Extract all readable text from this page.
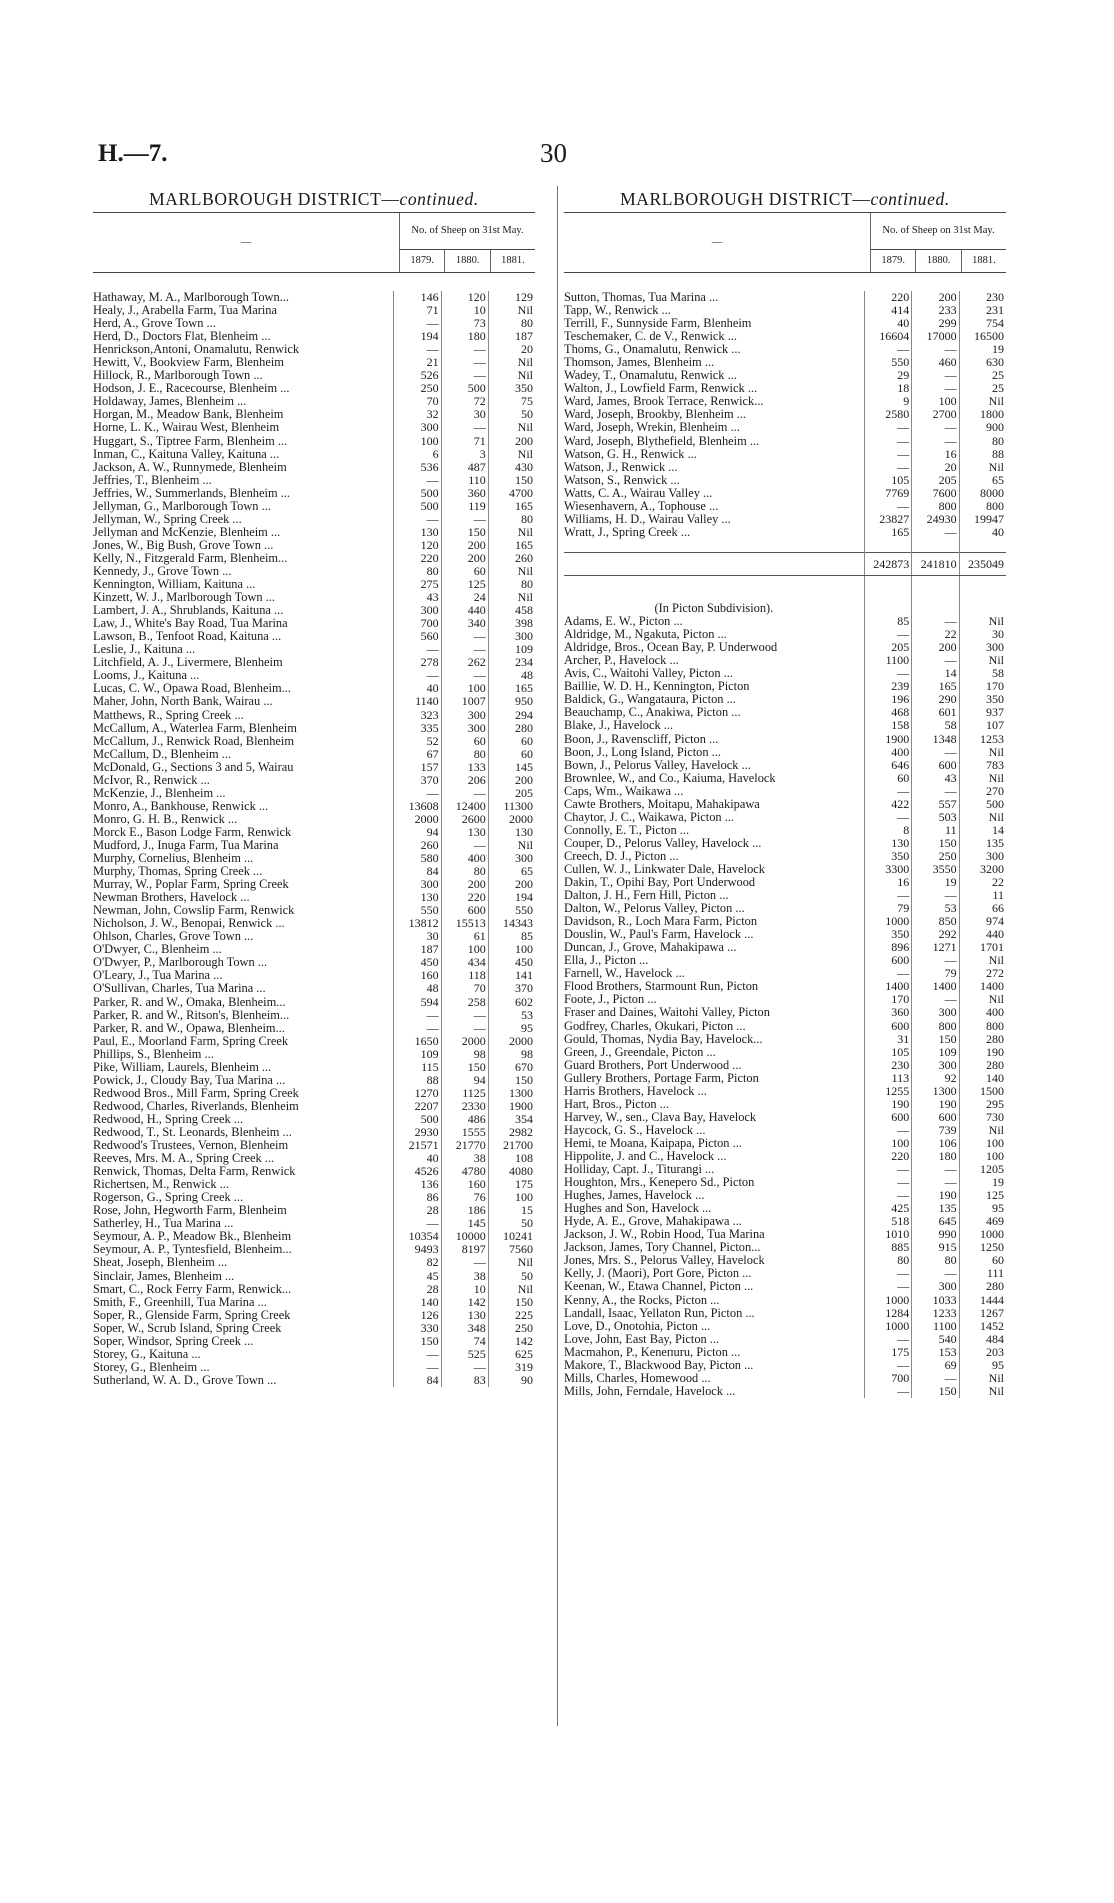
H.—7.	30
MARLBOROUGH DISTRICT—continued.
—	No. of Sheep on 31st May.		
	1879.	1880.	1881.
Hathaway, M. A., Marlborough Town...	146	120	129
Healy, J., Arabella Farm, Tua Marina	71	10	Nil
Herd, A., Grove Town ...	—	73	80
Herd, D., Doctors Flat, Blenheim ...	194	180	187
Henrickson,Antoni, Onamalutu, Renwick	—	—	20
Hewitt, V., Bookview Farm, Blenheim	21	—	Nil
Hillock, R., Marlborough Town ...	526	—	Nil
Hodson, J. E., Racecourse, Blenheim ...	250	500	350
Holdaway, James, Blenheim ...	70	72	75
Horgan, M., Meadow Bank, Blenheim	32	30	50
Horne, L. K., Wairau West, Blenheim	300	—	Nil
Huggart, S., Tiptree Farm, Blenheim ...	100	71	200
Inman, C., Kaituna Valley, Kaituna ...	6	3	Nil
Jackson, A. W., Runnymede, Blenheim	536	487	430
Jeffries, T., Blenheim ...	—	110	150
Jeffries, W., Summerlands, Blenheim ...	500	360	4700
Jellyman, G., Marlborough Town ...	500	119	165
Jellyman, W., Spring Creek ...	—	—	80
Jellyman and McKenzie, Blenheim ...	130	150	Nil
Jones, W., Big Bush, Grove Town ...	120	200	165
Kelly, N., Fitzgerald Farm, Blenheim...	220	200	260
Kennedy, J., Grove Town ...	80	60	Nil
Kennington, William, Kaituna ...	275	125	80
Kinzett, W. J., Marlborough Town ...	43	24	Nil
Lambert, J. A., Shrublands, Kaituna ...	300	440	458
Law, J., White's Bay Road, Tua Marina	700	340	398
Lawson, B., Tenfoot Road, Kaituna ...	560	—	300
Leslie, J., Kaituna ...	—	—	109
Litchfield, A. J., Livermere, Blenheim	278	262	234
Looms, J., Kaituna ...	—	—	48
Lucas, C. W., Opawa Road, Blenheim...	40	100	165
Maher, John, North Bank, Wairau ...	1140	1007	950
Matthews, R., Spring Creek ...	323	300	294
McCallum, A., Waterlea Farm, Blenheim	335	300	280
McCallum, J., Renwick Road, Blenheim	52	60	60
McCallum, D., Blenheim ...	67	80	60
McDonald, G., Sections 3 and 5, Wairau	157	133	145
McIvor, R., Renwick ...	370	206	200
McKenzie, J., Blenheim ...	—	—	205
Monro, A., Bankhouse, Renwick ...	13608	12400	11300
Monro, G. H. B., Renwick ...	2000	2600	2000
Morck E., Bason Lodge Farm, Renwick	94	130	130
Mudford, J., Inuga Farm, Tua Marina	260	—	Nil
Murphy, Cornelius, Blenheim ...	580	400	300
Murphy, Thomas, Spring Creek ...	84	80	65
Murray, W., Poplar Farm, Spring Creek	300	200	200
Newman Brothers, Havelock ...	130	220	194
Newman, John, Cowslip Farm, Renwick	550	600	550
Nicholson, J. W., Benopai, Renwick ...	13812	15513	14343
Ohlson, Charles, Grove Town ...	30	61	85
O'Dwyer, C., Blenheim ...	187	100	100
O'Dwyer, P., Marlborough Town ...	450	434	450
O'Leary, J., Tua Marina ...	160	118	141
O'Sullivan, Charles, Tua Marina ...	48	70	370
Parker, R. and W., Omaka, Blenheim...	594	258	602
Parker, R. and W., Ritson's, Blenheim...	—	—	53
Parker, R. and W., Opawa, Blenheim...	—	—	95
Paul, E., Moorland Farm, Spring Creek	1650	2000	2000
Phillips, S., Blenheim ...	109	98	98
Pike, William, Laurels, Blenheim ...	115	150	670
Powick, J., Cloudy Bay, Tua Marina ...	88	94	150
Redwood Bros., Mill Farm, Spring Creek	1270	1125	1300
Redwood, Charles, Riverlands, Blenheim	2207	2330	1900
Redwood, H., Spring Creek ...	500	486	354
Redwood, T., St. Leonards, Blenheim ...	2930	1555	2982
Redwood's Trustees, Vernon, Blenheim	21571	21770	21700
Reeves, Mrs. M. A., Spring Creek ...	40	38	108
Renwick, Thomas, Delta Farm, Renwick	4526	4780	4080
Richertsen, M., Renwick ...	136	160	175
Rogerson, G., Spring Creek ...	86	76	100
Rose, John, Hegworth Farm, Blenheim	28	186	15
Satherley, H., Tua Marina ...	—	145	50
Seymour, A. P., Meadow Bk., Blenheim	10354	10000	10241
Seymour, A. P., Tyntesfield, Blenheim...	9493	8197	7560
Sheat, Joseph, Blenheim ...	82	—	Nil
Sinclair, James, Blenheim ...	45	38	50
Smart, C., Rock Ferry Farm, Renwick...	28	10	Nil
Smith, F., Greenhill, Tua Marina ...	140	142	150
Soper, R., Glenside Farm, Spring Creek	126	130	225
Soper, W., Scrub Island, Spring Creek	330	348	250
Soper, Windsor, Spring Creek ...	150	74	142
Storey, G., Kaituna ...	—	525	625
Storey, G., Blenheim ...	—	—	319
Sutherland, W. A. D., Grove Town ...	84	83	90
MARLBOROUGH DISTRICT—continued.
—	No. of Sheep on 31st May.		
	1879.	1880.	1881.
Sutton, Thomas, Tua Marina ...	220	200	230
Tapp, W., Renwick ...	414	233	231
Terrill, F., Sunnyside Farm, Blenheim	40	299	754
Teschemaker, C. de V., Renwick ...	16604	17000	16500
Thoms, G., Onamalutu, Renwick ...	—	—	19
Thomson, James, Blenheim ...	550	460	630
Wadey, T., Onamalutu, Renwick ...	29	—	25
Walton, J., Lowfield Farm, Renwick ...	18	—	25
Ward, James, Brook Terrace, Renwick...	9	100	Nil
Ward, Joseph, Brookby, Blenheim ...	2580	2700	1800
Ward, Joseph, Wrekin, Blenheim ...	—	—	900
Ward, Joseph, Blythefield, Blenheim ...	—	—	80
Watson, G. H., Renwick ...	—	16	88
Watson, J., Renwick ...	—	20	Nil
Watson, S., Renwick ...	105	205	65
Watts, C. A., Wairau Valley ...	7769	7600	8000
Wiesenhavern, A., Tophouse ...	—	800	800
Williams, H. D., Wairau Valley ...	23827	24930	19947
Wratt, J., Spring Creek ...	165	—	40

	242873	241810	235049

(In Picton Subdivision).			
Adams, E. W., Picton ...	85	—	Nil
Aldridge, M., Ngakuta, Picton ...	—	22	30
Aldridge, Bros., Ocean Bay, P. Underwood	205	200	300
Archer, P., Havelock ...	1100	—	Nil
Avis, C., Waitohi Valley, Picton ...	—	14	58
Baillie, W. D. H., Kennington, Picton	239	165	170
Baldick, G., Wangataura, Picton ...	196	290	350
Beauchamp, C., Anakiwa, Picton ...	468	601	937
Blake, J., Havelock ...	158	58	107
Boon, J., Ravenscliff, Picton ...	1900	1348	1253
Boon, J., Long Island, Picton ...	400	—	Nil
Bown, J., Pelorus Valley, Havelock ...	646	600	783
Brownlee, W., and Co., Kaiuma, Havelock	60	43	Nil
Caps, Wm., Waikawa ...	—	—	270
Cawte Brothers, Moitapu, Mahakipawa	422	557	500
Chaytor, J. C., Waikawa, Picton ...	—	503	Nil
Connolly, E. T., Picton ...	8	11	14
Couper, D., Pelorus Valley, Havelock ...	130	150	135
Creech, D. J., Picton ...	350	250	300
Cullen, W. J., Linkwater Dale, Havelock	3300	3550	3200
Dakin, T., Opihi Bay, Port Underwood	16	19	22
Dalton, J. H., Fern Hill, Picton ...	—	—	11
Dalton, W., Pelorus Valley, Picton ...	79	53	66
Davidson, R., Loch Mara Farm, Picton	1000	850	974
Douslin, W., Paul's Farm, Havelock ...	350	292	440
Duncan, J., Grove, Mahakipawa ...	896	1271	1701
Ella, J., Picton ...	600	—	Nil
Farnell, W., Havelock ...	—	79	272
Flood Brothers, Starmount Run, Picton	1400	1400	1400
Foote, J., Picton ...	170	—	Nil
Fraser and Daines, Waitohi Valley, Picton	360	300	400
Godfrey, Charles, Okukari, Picton ...	600	800	800
Gould, Thomas, Nydia Bay, Havelock...	31	150	280
Green, J., Greendale, Picton ...	105	109	190
Guard Brothers, Port Underwood ...	230	300	280
Gullery Brothers, Portage Farm, Picton	113	92	140
Harris Brothers, Havelock ...	1255	1300	1500
Hart, Bros., Picton ...	190	190	295
Harvey, W., sen., Clava Bay, Havelock	600	600	730
Haycock, G. S., Havelock ...	—	739	Nil
Hemi, te Moana, Kaipapa, Picton ...	100	106	100
Hippolite, J. and C., Havelock ...	220	180	100
Holliday, Capt. J., Titurangi ...	—	—	1205
Houghton, Mrs., Kenepero Sd., Picton	—	—	19
Hughes, James, Havelock ...	—	190	125
Hughes and Son, Havelock ...	425	135	95
Hyde, A. E., Grove, Mahakipawa ...	518	645	469
Jackson, J. W., Robin Hood, Tua Marina	1010	990	1000
Jackson, James, Tory Channel, Picton...	885	915	1250
Jones, Mrs. S., Pelorus Valley, Havelock	80	80	60
Kelly, J. (Maori), Port Gore, Picton ...	—	—	111
Keenan, W., Etawa Channel, Picton ...	—	300	280
Kenny, A., the Rocks, Picton ...	1000	1033	1444
Landall, Isaac, Yellaton Run, Picton ...	1284	1233	1267
Love, D., Onotohia, Picton ...	1000	1100	1452
Love, John, East Bay, Picton ...	—	540	484
Macmahon, P., Keneпuru, Picton ...	175	153	203
Makore, T., Blackwood Bay, Picton ...	—	69	95
Mills, Charles, Homewood ...	700	—	Nil
Mills, John, Ferndale, Havelock ...	—	150	Nil
